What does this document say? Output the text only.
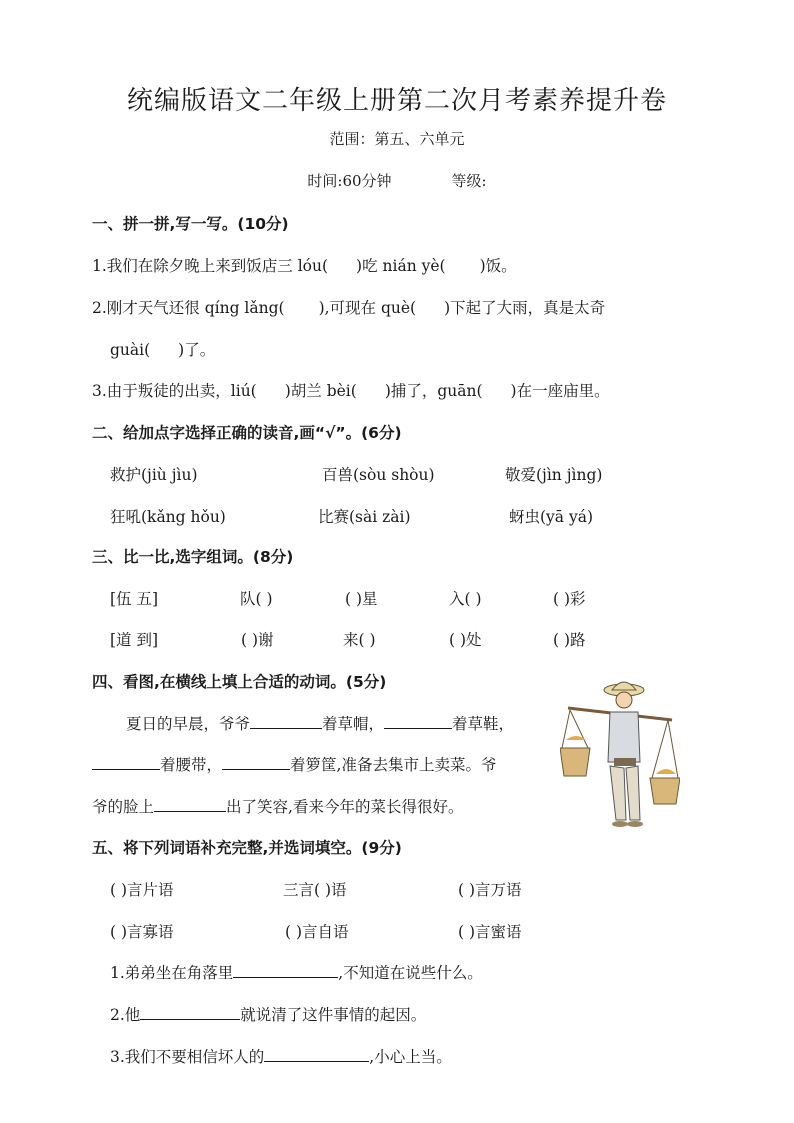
统编版语文二年级上册第二次月考素养提升卷
范围：第五、六单元
时间:60分钟	等级:
一、拼一拼,写一写。(10分)
1.我们在除夕晚上来到饭店三 lóu( )吃 nián yè( )饭。
2.刚才天气还很 qíng lǎng( ),可现在 què( )下起了大雨，真是太奇
guài( )了。
3.由于叛徒的出卖，liú( )胡兰 bèi( )捕了，guān( )在一座庙里。
二、给加点字选择正确的读音,画“√”。(6分)
救护(jiù jìu)	百兽(sòu shòu)	敬爱(jìn jìng)
狂吼(kǎng hǒu)	比赛(sài zài)	蚜虫(yā yá)
三、比一比,选字组词。(8分)
[伍 五]	队( )	( )星	入( )	( )彩
[道 到]	( )谢	来( )	( )处	( )路
四、看图,在横线上填上合适的动词。(5分)
夏日的早晨，爷爷	着草帽，	着草鞋，
着腰带，	着箩筐,准备去集市上卖菜。爷
爷的脸上	出了笑容,看来今年的菜长得很好。
五、将下列词语补充完整,并选词填空。(9分)
( )言片语	三言( )语	( )言万语
( )言寡语	( )言自语	( )言蜜语
1.弟弟坐在角落里	,不知道在说些什么。
2.他	就说清了这件事情的起因。
3.我们不要相信坏人的	,小心上当。
